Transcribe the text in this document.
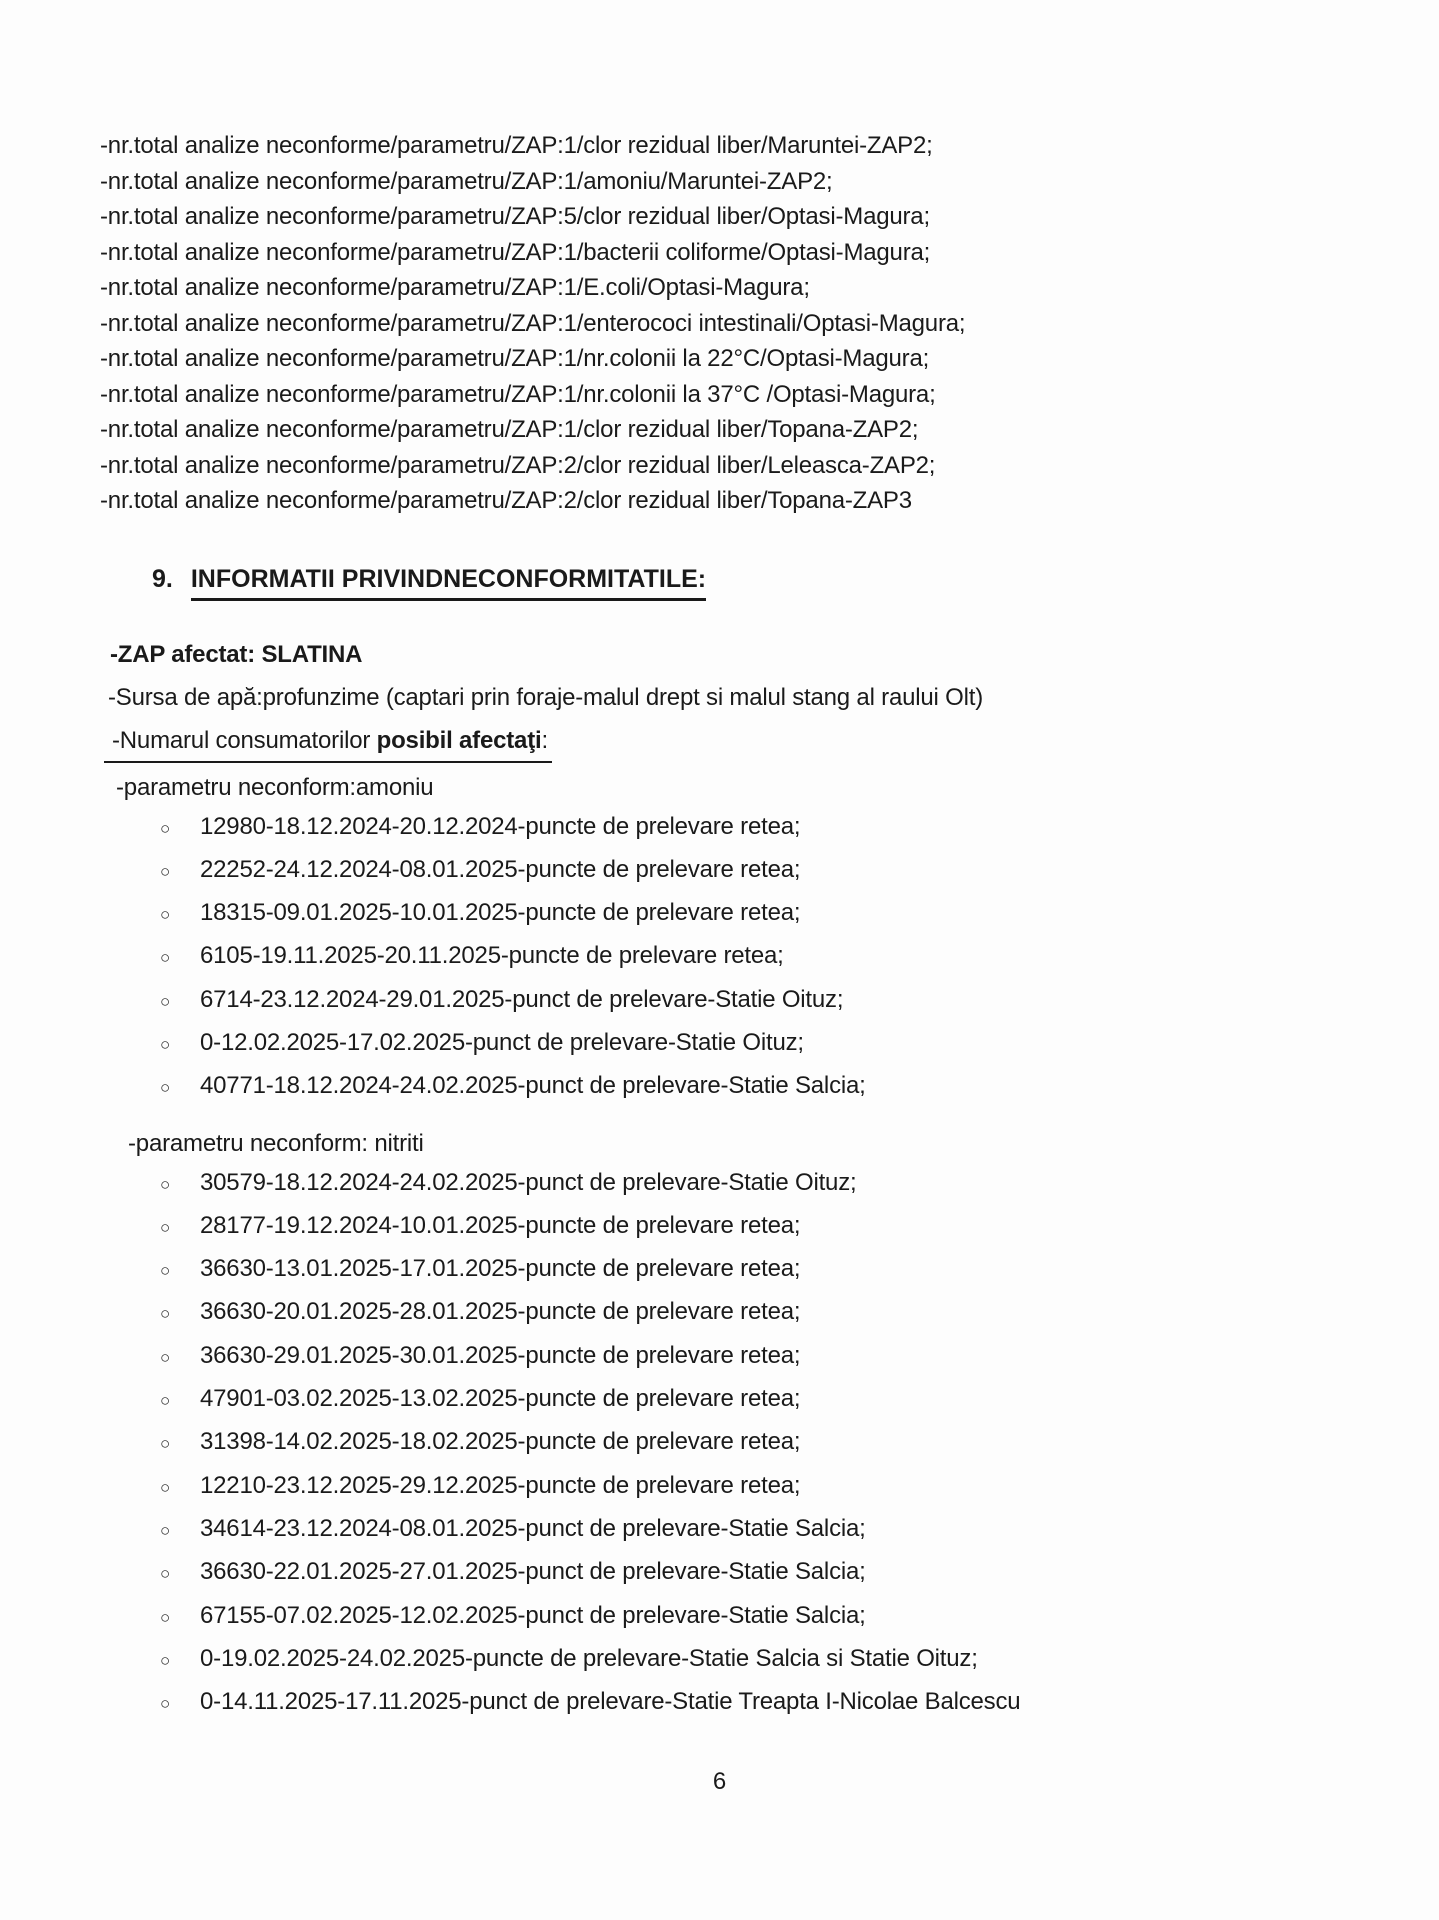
-nr.total analize neconforme/parametru/ZAP:1/clor rezidual liber/Maruntei-ZAP2;

-nr.total analize neconforme/parametru/ZAP:1/amoniu/Maruntei-ZAP2;

-nr.total analize neconforme/parametru/ZAP:5/clor rezidual liber/Optasi-Magura;

-nr.total analize neconforme/parametru/ZAP:1/bacterii coliforme/Optasi-Magura;

-nr.total analize neconforme/parametru/ZAP:1/E.coli/Optasi-Magura;

-nr.total analize neconforme/parametru/ZAP:1/enterococi intestinali/Optasi-Magura;

-nr.total analize neconforme/parametru/ZAP:1/nr.colonii la 22°C/Optasi-Magura;

-nr.total analize neconforme/parametru/ZAP:1/nr.colonii la 37°C /Optasi-Magura;

-nr.total analize neconforme/parametru/ZAP:1/clor rezidual liber/Topana-ZAP2;

-nr.total analize neconforme/parametru/ZAP:2/clor rezidual liber/Leleasca-ZAP2;

-nr.total analize neconforme/parametru/ZAP:2/clor rezidual liber/Topana-ZAP3

9. INFORMATII PRIVINDNECONFORMITATILE:

-ZAP afectat: SLATINA

-Sursa de apă:profunzime (captari prin foraje-malul drept si malul stang al raului Olt)

-Numarul consumatorilor posibil afectaţi:

-parametru neconform:amoniu

○	12980-18.12.2024-20.12.2024-puncte de prelevare retea;
○	22252-24.12.2024-08.01.2025-puncte de prelevare retea;
○	18315-09.01.2025-10.01.2025-puncte de prelevare retea;
○	6105-19.11.2025-20.11.2025-puncte de prelevare retea;
○	6714-23.12.2024-29.01.2025-punct de prelevare-Statie Oituz;
○	0-12.02.2025-17.02.2025-punct de prelevare-Statie Oituz;
○	40771-18.12.2024-24.02.2025-punct de prelevare-Statie Salcia;

-parametru neconform: nitriti

○	30579-18.12.2024-24.02.2025-punct de prelevare-Statie Oituz;
○	28177-19.12.2024-10.01.2025-puncte de prelevare retea;
○	36630-13.01.2025-17.01.2025-puncte de prelevare retea;
○	36630-20.01.2025-28.01.2025-puncte de prelevare retea;
○	36630-29.01.2025-30.01.2025-puncte de prelevare retea;
○	47901-03.02.2025-13.02.2025-puncte de prelevare retea;
○	31398-14.02.2025-18.02.2025-puncte de prelevare retea;
○	12210-23.12.2025-29.12.2025-puncte de prelevare retea;
○	34614-23.12.2024-08.01.2025-punct de prelevare-Statie Salcia;
○	36630-22.01.2025-27.01.2025-punct de prelevare-Statie Salcia;
○	67155-07.02.2025-12.02.2025-punct de prelevare-Statie Salcia;
○	0-19.02.2025-24.02.2025-puncte de prelevare-Statie Salcia si Statie Oituz;
○	0-14.11.2025-17.11.2025-punct de prelevare-Statie Treapta I-Nicolae Balcescu
6
